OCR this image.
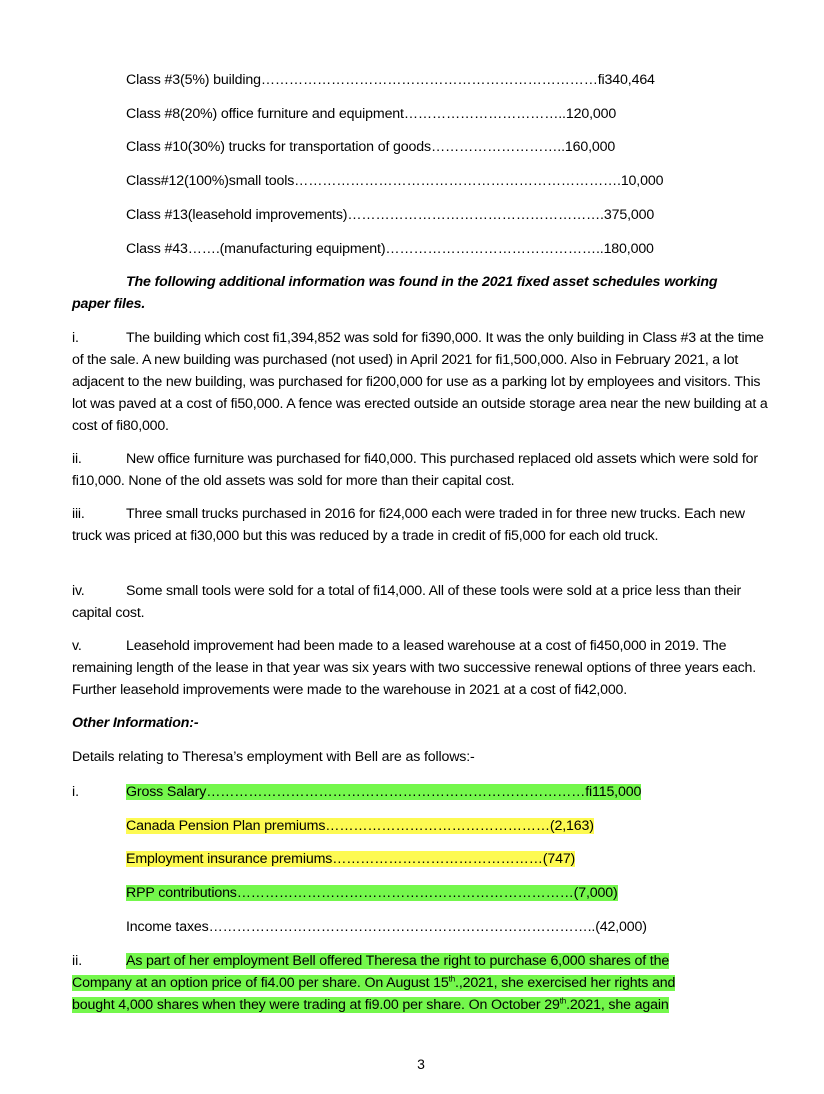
Class #3(5%) building………………………………………………………………fi340,464
Class #8(20%) office furniture and equipment……………………………..120,000
Class #10(30%) trucks for transportation of goods………………………..160,000
Class#12(100%)small tools…………………………………………………………….10,000
Class #13(leasehold improvements)……………………………………………….375,000
Class #43…….(manufacturing equipment)………………………………………..180,000
The following additional information was found in the 2021 fixed asset schedules working
paper files.
i.	The building which cost fi1,394,852 was sold for fi390,000. It was the only building in Class #3 at the time of the sale. A new building was purchased (not used) in April 2021 for fi1,500,000. Also in February 2021, a lot adjacent to the new building, was purchased for fi200,000 for use as a parking lot by employees and visitors. This lot was paved at a cost of fi50,000. A fence was erected outside an outside storage area near the new building at a cost of fi80,000.
ii.	New office furniture was purchased for fi40,000. This purchased replaced old assets which were sold for fi10,000. None of the old assets was sold for more than their capital cost.
iii.	Three small trucks purchased in 2016 for fi24,000 each were traded in for three new trucks. Each new truck was priced at fi30,000 but this was reduced by a trade in credit of fi5,000 for each old truck.
iv.	Some small tools were sold for a total of fi14,000. All of these tools were sold at a price less than their capital cost.
v.	Leasehold improvement had been made to a leased warehouse at a cost of fi450,000 in 2019. The remaining length of the lease in that year was six years with two successive renewal options of three years each. Further leasehold improvements were made to the warehouse in 2021 at a cost of fi42,000.
Other Information:-
Details relating to Theresa’s employment with Bell are as follows:-
i.	Gross Salary………………………………………………………………………fi115,000
Canada Pension Plan premiums…………………………………………(2,163)
Employment insurance premiums………………………………………(747)
RPP contributions………………………………………………………………(7,000)
Income taxes………………………………………………………………………..(42,000)
ii.	As part of her employment Bell offered Theresa the right to purchase 6,000 shares of the
Company at an option price of fi4.00 per share. On August 15th.,2021, she exercised her rights and
bought 4,000 shares when they were trading at fi9.00 per share. On October 29th.2021, she again
3
